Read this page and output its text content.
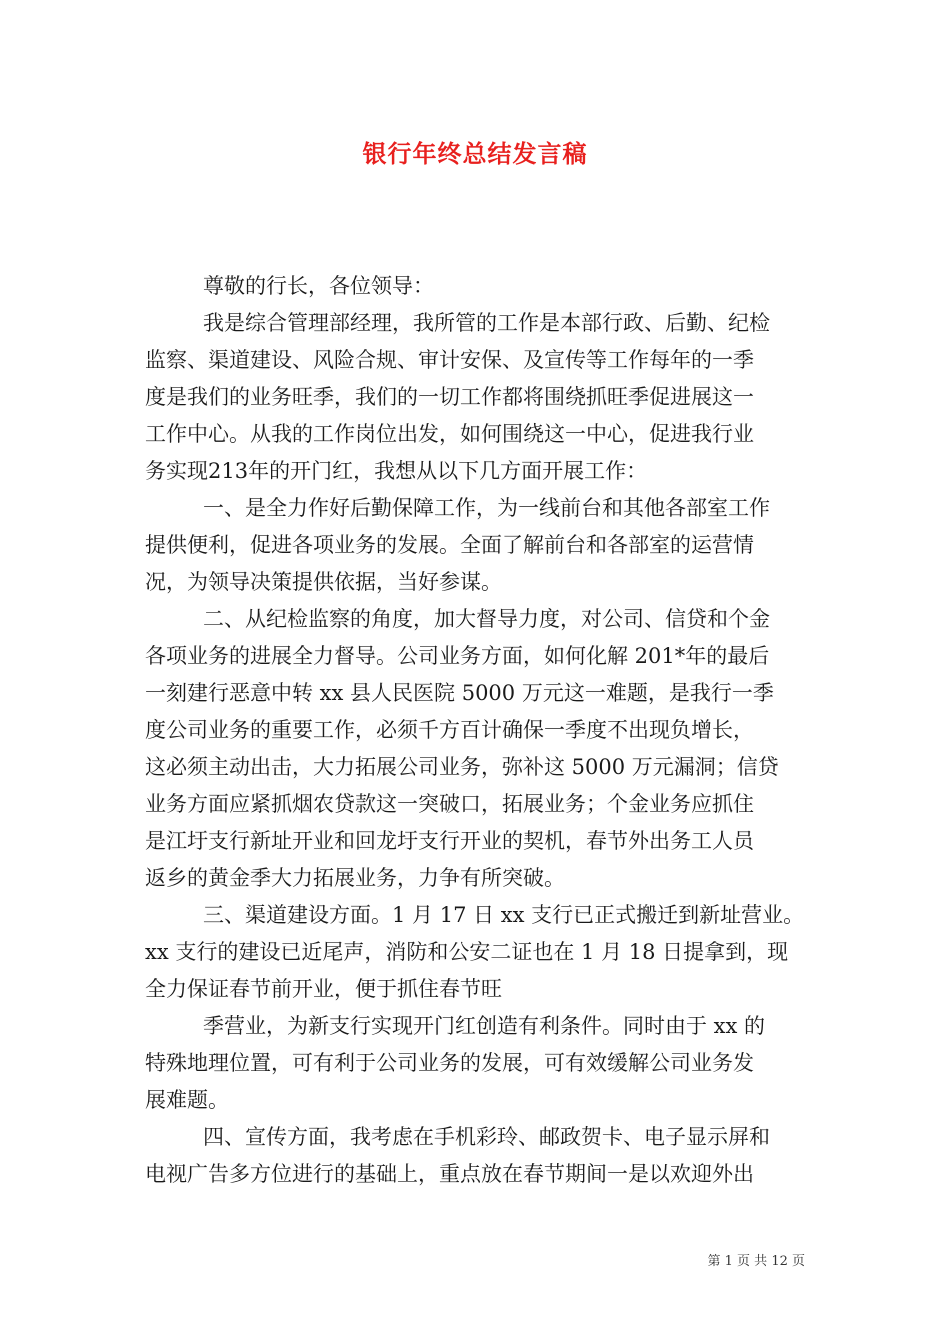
银行年终总结发言稿
尊敬的行长，各位领导：
我是综合管理部经理，我所管的工作是本部行政、后勤、纪检
监察、渠道建设、风险合规、审计安保、及宣传等工作每年的一季
度是我们的业务旺季，我们的一切工作都将围绕抓旺季促进展这一
工作中心。从我的工作岗位出发，如何围绕这一中心，促进我行业
务实现213年的开门红，我想从以下几方面开展工作：
一、是全力作好后勤保障工作，为一线前台和其他各部室工作
提供便利，促进各项业务的发展。全面了解前台和各部室的运营情
况，为领导决策提供依据，当好参谋。
二、从纪检监察的角度，加大督导力度，对公司、信贷和个金
各项业务的进展全力督导。公司业务方面，如何化解 201*年的最后
一刻建行恶意中转 xx 县人民医院 5000 万元这一难题，是我行一季
度公司业务的重要工作，必须千方百计确保一季度不出现负增长，
这必须主动出击，大力拓展公司业务，弥补这 5000 万元漏洞；信贷
业务方面应紧抓烟农贷款这一突破口，拓展业务；个金业务应抓住
是江圩支行新址开业和回龙圩支行开业的契机，春节外出务工人员
返乡的黄金季大力拓展业务，力争有所突破。
三、渠道建设方面。1 月 17 日 xx 支行已正式搬迁到新址营业。
xx 支行的建设已近尾声，消防和公安二证也在 1 月 18 日提拿到，现
全力保证春节前开业，便于抓住春节旺
季营业，为新支行实现开门红创造有利条件。同时由于 xx 的
特殊地理位置，可有利于公司业务的发展，可有效缓解公司业务发
展难题。
四、宣传方面，我考虑在手机彩玲、邮政贺卡、电子显示屏和
电视广告多方位进行的基础上，重点放在春节期间一是以欢迎外出
第 1 页 共 12 页
